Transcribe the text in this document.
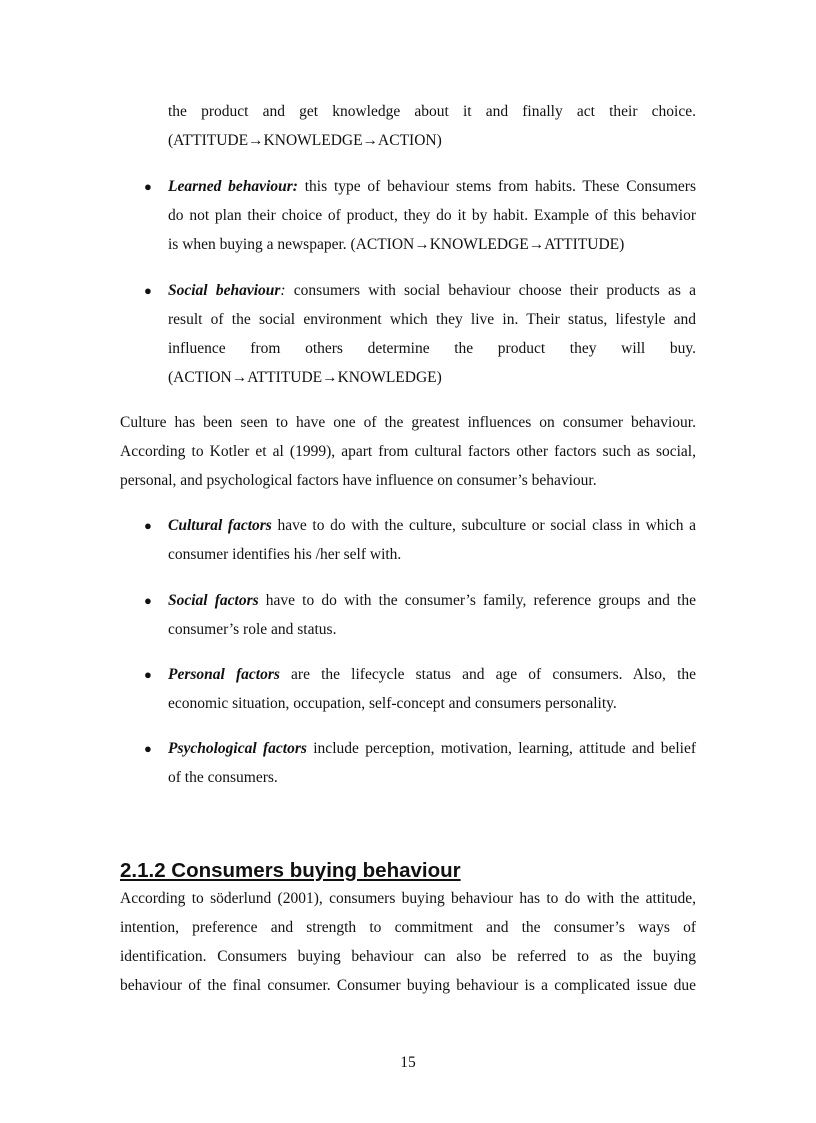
the product and get knowledge about it and finally act their choice.
(ATTITUDE→KNOWLEDGE→ACTION)
● Learned behaviour: this type of behaviour stems from habits. These Consumers
do not plan their choice of product, they do it by habit. Example of this behavior
is when buying a newspaper. (ACTION→KNOWLEDGE→ATTITUDE)
● Social behaviour: consumers with social behaviour choose their products as a
result of the social environment which they live in. Their status, lifestyle and
influence from others determine the product they will buy.
(ACTION→ATTITUDE→KNOWLEDGE)
Culture has been seen to have one of the greatest influences on consumer behaviour.
According to Kotler et al (1999), apart from cultural factors other factors such as social,
personal, and psychological factors have influence on consumer’s behaviour.
● Cultural factors have to do with the culture, subculture or social class in which a
consumer identifies his /her self with.
● Social factors have to do with the consumer’s family, reference groups and the
consumer’s role and status.
● Personal factors are the lifecycle status and age of consumers. Also, the
economic situation, occupation, self-concept and consumers personality.
● Psychological factors include perception, motivation, learning, attitude and belief
of the consumers.
2.1.2 Consumers buying behaviour
According to söderlund (2001), consumers buying behaviour has to do with the attitude,
intention, preference and strength to commitment and the consumer’s ways of
identification. Consumers buying behaviour can also be referred to as the buying
behaviour of the final consumer. Consumer buying behaviour is a complicated issue due
15
